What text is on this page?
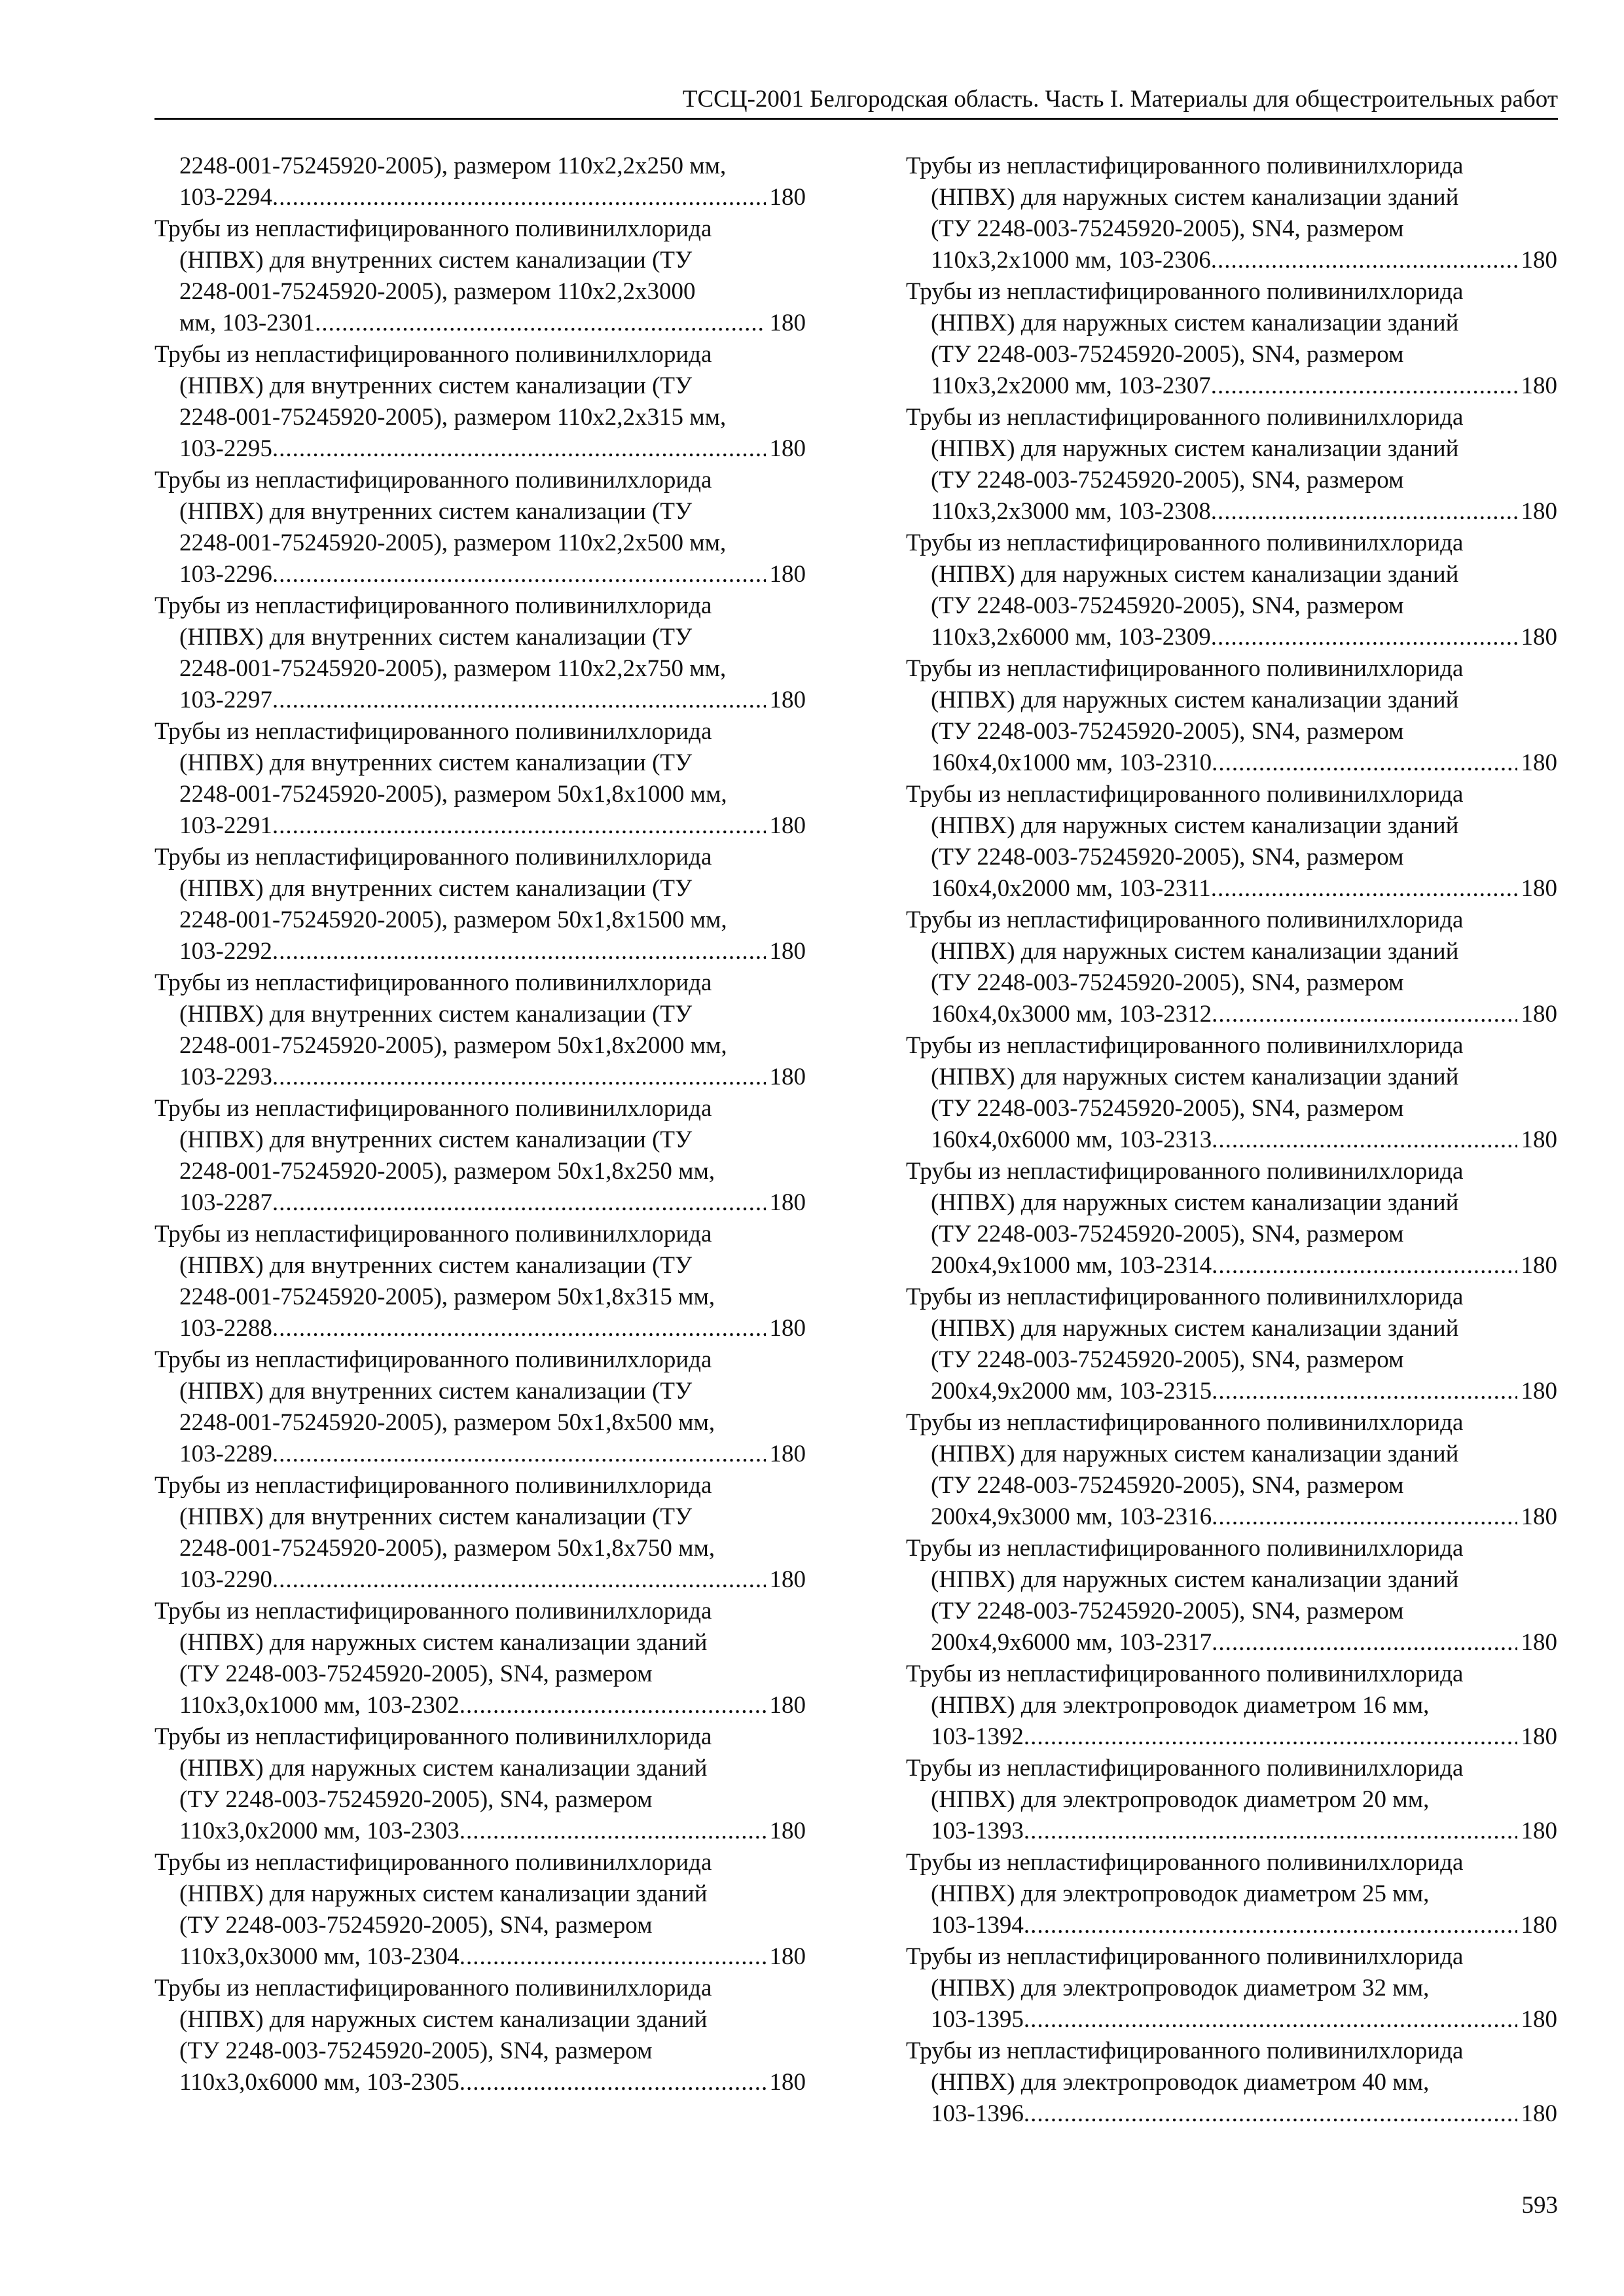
ТССЦ-2001 Белгородская область. Часть I. Материалы для общестроительных работ
2248-001-75245920-2005), размером 110x2,2x250 мм,
103-2294 .....	180
Трубы из непластифицированного поливинилхлорида
(НПВХ) для внутренних систем канализации (ТУ
2248-001-75245920-2005), размером 110x2,2x3000
мм, 103-2301 .....	180
Трубы из непластифицированного поливинилхлорида
(НПВХ) для внутренних систем канализации (ТУ
2248-001-75245920-2005), размером 110x2,2x315 мм,
103-2295 .....	180
Трубы из непластифицированного поливинилхлорида
(НПВХ) для внутренних систем канализации (ТУ
2248-001-75245920-2005), размером 110x2,2x500 мм,
103-2296 .....	180
Трубы из непластифицированного поливинилхлорида
(НПВХ) для внутренних систем канализации (ТУ
2248-001-75245920-2005), размером 110x2,2x750 мм,
103-2297 .....	180
Трубы из непластифицированного поливинилхлорида
(НПВХ) для внутренних систем канализации (ТУ
2248-001-75245920-2005), размером 50x1,8x1000 мм,
103-2291 .....	180
Трубы из непластифицированного поливинилхлорида
(НПВХ) для внутренних систем канализации (ТУ
2248-001-75245920-2005), размером 50x1,8x1500 мм,
103-2292 .....	180
Трубы из непластифицированного поливинилхлорида
(НПВХ) для внутренних систем канализации (ТУ
2248-001-75245920-2005), размером 50x1,8x2000 мм,
103-2293 .....	180
Трубы из непластифицированного поливинилхлорида
(НПВХ) для внутренних систем канализации (ТУ
2248-001-75245920-2005), размером 50x1,8x250 мм,
103-2287 .....	180
Трубы из непластифицированного поливинилхлорида
(НПВХ) для внутренних систем канализации (ТУ
2248-001-75245920-2005), размером 50x1,8x315 мм,
103-2288 .....	180
Трубы из непластифицированного поливинилхлорида
(НПВХ) для внутренних систем канализации (ТУ
2248-001-75245920-2005), размером 50x1,8x500 мм,
103-2289 .....	180
Трубы из непластифицированного поливинилхлорида
(НПВХ) для внутренних систем канализации (ТУ
2248-001-75245920-2005), размером 50x1,8x750 мм,
103-2290 .....	180
Трубы из непластифицированного поливинилхлорида
(НПВХ) для наружных систем канализации зданий
(ТУ 2248-003-75245920-2005), SN4, размером
110x3,0x1000 мм, 103-2302 .....	180
Трубы из непластифицированного поливинилхлорида
(НПВХ) для наружных систем канализации зданий
(ТУ 2248-003-75245920-2005), SN4, размером
110x3,0x2000 мм, 103-2303 .....	180
Трубы из непластифицированного поливинилхлорида
(НПВХ) для наружных систем канализации зданий
(ТУ 2248-003-75245920-2005), SN4, размером
110x3,0x3000 мм, 103-2304 .....	180
Трубы из непластифицированного поливинилхлорида
(НПВХ) для наружных систем канализации зданий
(ТУ 2248-003-75245920-2005), SN4, размером
110x3,0x6000 мм, 103-2305 .....	180
Трубы из непластифицированного поливинилхлорида
(НПВХ) для наружных систем канализации зданий
(ТУ 2248-003-75245920-2005), SN4, размером
110x3,2x1000 мм, 103-2306 .....	180
Трубы из непластифицированного поливинилхлорида
(НПВХ) для наружных систем канализации зданий
(ТУ 2248-003-75245920-2005), SN4, размером
110x3,2x2000 мм, 103-2307 .....	180
Трубы из непластифицированного поливинилхлорида
(НПВХ) для наружных систем канализации зданий
(ТУ 2248-003-75245920-2005), SN4, размером
110x3,2x3000 мм, 103-2308 .....	180
Трубы из непластифицированного поливинилхлорида
(НПВХ) для наружных систем канализации зданий
(ТУ 2248-003-75245920-2005), SN4, размером
110x3,2x6000 мм, 103-2309 .....	180
Трубы из непластифицированного поливинилхлорида
(НПВХ) для наружных систем канализации зданий
(ТУ 2248-003-75245920-2005), SN4, размером
160x4,0x1000 мм, 103-2310 .....	180
Трубы из непластифицированного поливинилхлорида
(НПВХ) для наружных систем канализации зданий
(ТУ 2248-003-75245920-2005), SN4, размером
160x4,0x2000 мм, 103-2311 .....	180
Трубы из непластифицированного поливинилхлорида
(НПВХ) для наружных систем канализации зданий
(ТУ 2248-003-75245920-2005), SN4, размером
160x4,0x3000 мм, 103-2312 .....	180
Трубы из непластифицированного поливинилхлорида
(НПВХ) для наружных систем канализации зданий
(ТУ 2248-003-75245920-2005), SN4, размером
160x4,0x6000 мм, 103-2313 .....	180
Трубы из непластифицированного поливинилхлорида
(НПВХ) для наружных систем канализации зданий
(ТУ 2248-003-75245920-2005), SN4, размером
200x4,9x1000 мм, 103-2314 .....	180
Трубы из непластифицированного поливинилхлорида
(НПВХ) для наружных систем канализации зданий
(ТУ 2248-003-75245920-2005), SN4, размером
200x4,9x2000 мм, 103-2315 .....	180
Трубы из непластифицированного поливинилхлорида
(НПВХ) для наружных систем канализации зданий
(ТУ 2248-003-75245920-2005), SN4, размером
200x4,9x3000 мм, 103-2316 .....	180
Трубы из непластифицированного поливинилхлорида
(НПВХ) для наружных систем канализации зданий
(ТУ 2248-003-75245920-2005), SN4, размером
200x4,9x6000 мм, 103-2317 .....	180
Трубы из непластифицированного поливинилхлорида
(НПВХ) для электропроводок диаметром 16 мм,
103-1392 .....	180
Трубы из непластифицированного поливинилхлорида
(НПВХ) для электропроводок диаметром 20 мм,
103-1393 .....	180
Трубы из непластифицированного поливинилхлорида
(НПВХ) для электропроводок диаметром 25 мм,
103-1394 .....	180
Трубы из непластифицированного поливинилхлорида
(НПВХ) для электропроводок диаметром 32 мм,
103-1395 .....	180
Трубы из непластифицированного поливинилхлорида
(НПВХ) для электропроводок диаметром 40 мм,
103-1396 .....	180
593
